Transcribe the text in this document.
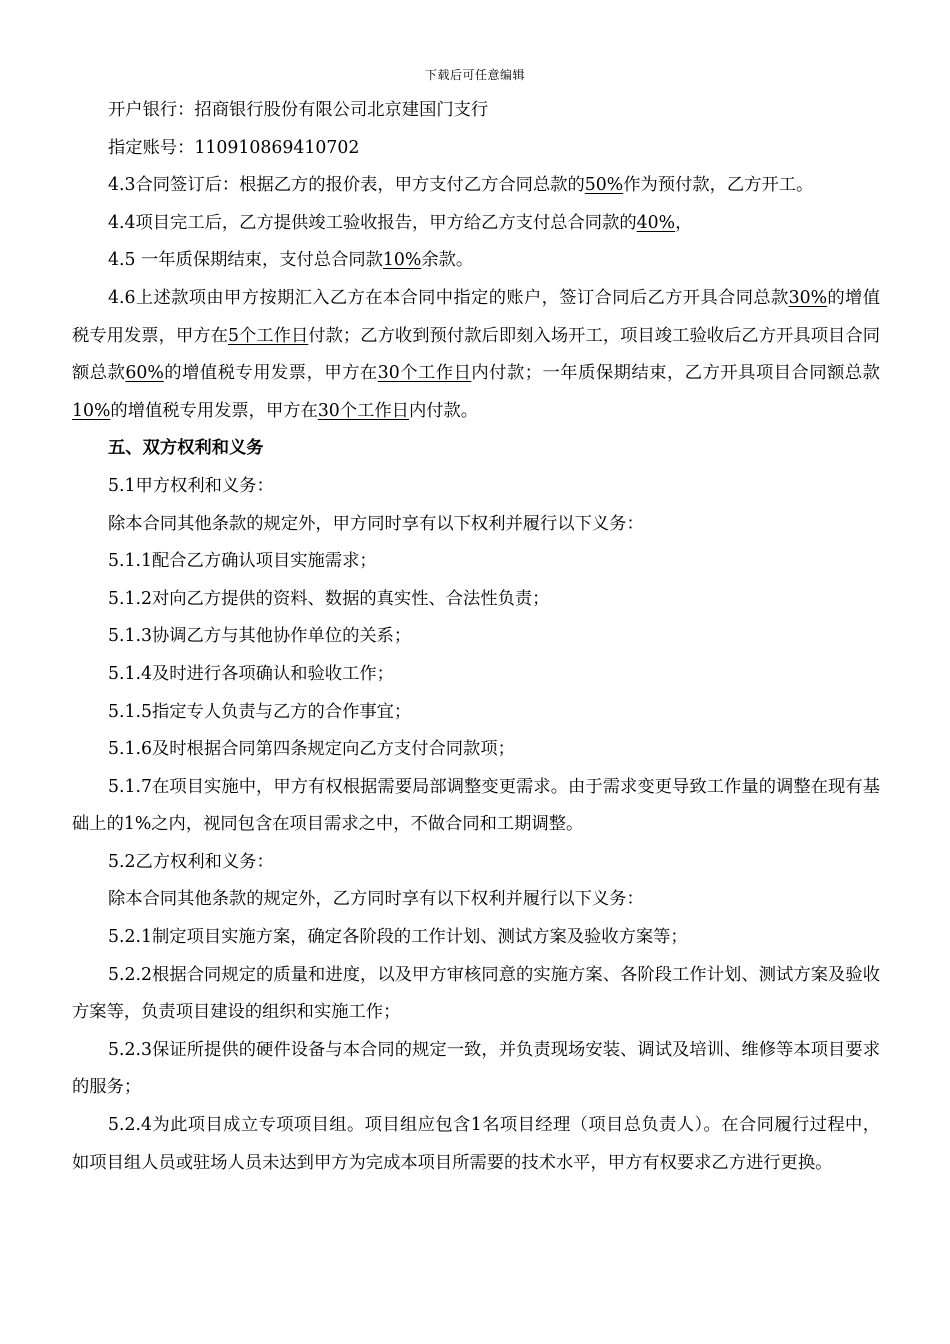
下载后可任意编辑
开户银行：招商银行股份有限公司北京建国门支行
指定账号：110910869410702
4.3合同签订后：根据乙方的报价表，甲方支付乙方合同总款的50%作为预付款，乙方开工。
4.4项目完工后，乙方提供竣工验收报告，甲方给乙方支付总合同款的40%，
4.5 一年质保期结束，支付总合同款10%余款。
4.6上述款项由甲方按期汇入乙方在本合同中指定的账户，签订合同后乙方开具合同总款30%的增值税专用发票，甲方在5个工作日付款；乙方收到预付款后即刻入场开工，项目竣工验收后乙方开具项目合同额总款60%的增值税专用发票，甲方在30个工作日内付款；一年质保期结束，乙方开具项目合同额总款10%的增值税专用发票，甲方在30个工作日内付款。
五、双方权利和义务
5.1甲方权利和义务：
除本合同其他条款的规定外，甲方同时享有以下权利并履行以下义务：
5.1.1配合乙方确认项目实施需求；
5.1.2对向乙方提供的资料、数据的真实性、合法性负责；
5.1.3协调乙方与其他协作单位的关系；
5.1.4及时进行各项确认和验收工作；
5.1.5指定专人负责与乙方的合作事宜；
5.1.6及时根据合同第四条规定向乙方支付合同款项；
5.1.7在项目实施中，甲方有权根据需要局部调整变更需求。由于需求变更导致工作量的调整在现有基础上的1%之内，视同包含在项目需求之中，不做合同和工期调整。
5.2乙方权利和义务：
除本合同其他条款的规定外，乙方同时享有以下权利并履行以下义务：
5.2.1制定项目实施方案，确定各阶段的工作计划、测试方案及验收方案等；
5.2.2根据合同规定的质量和进度，以及甲方审核同意的实施方案、各阶段工作计划、测试方案及验收方案等，负责项目建设的组织和实施工作；
5.2.3保证所提供的硬件设备与本合同的规定一致，并负责现场安装、调试及培训、维修等本项目要求的服务；
5.2.4为此项目成立专项项目组。项目组应包含1名项目经理（项目总负责人）。在合同履行过程中，如项目组人员或驻场人员未达到甲方为完成本项目所需要的技术水平，甲方有权要求乙方进行更换。
